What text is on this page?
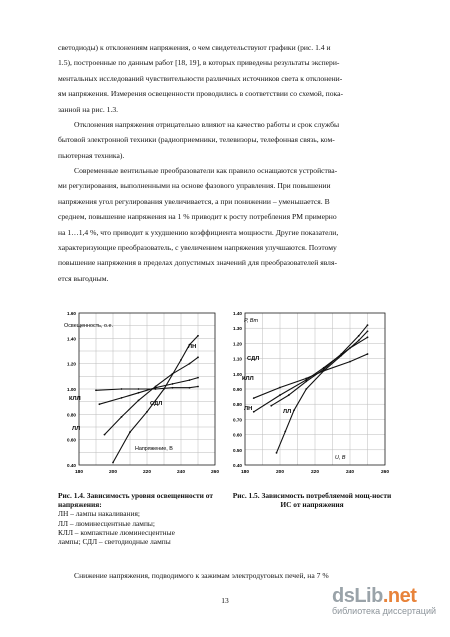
светодиоды) к отклонениям напряжения, о чем свидетельствуют графики (рис. 1.4 и
1.5), построенные по данным работ [18, 19], в которых приведены результаты экспери-
ментальных исследований чувствительности различных источников света к отклонени-
ям напряжения. Измерения освещенности проводились в соответствии со схемой, пока-
занной на рис. 1.3.
Отклонения напряжения отрицательно влияют на качество работы и срок службы
бытовой электронной техники (радиоприемники, телевизоры, телефонная связь, ком-
пьютерная техника).
Современные вентильные преобразователи как правило оснащаются устройства-
ми регулирования, выполненными на основе фазового управления. При повышении
напряжения угол регулирования увеличивается, а при понижении – уменьшается. В
среднем, повышение напряжения на 1 % приводит к росту потребления РМ примерно
на 1…1,4 %, что приводит к ухудшению коэффициента мощности. Другие показатели,
характеризующие преобразователь, с увеличением напряжения улучшаются. Поэтому
повышение напряжения в пределах допустимых значений для преобразователей явля-
ется выгодным.
0.40
0.60
0.80
1.00
1.20
1.40
1.60
180	200	220	240	260
Освещенность, о.е.
Напряжение, В
ЛН
ЛЛ
КЛЛ
СДЛ
0.40
0.50
0.60
0.70
0.80
0.90
1.00
1.10
1.20
1.30
1.40
180	200	220	240	260
P, Вт
U, В
СДЛ
КЛЛ
ЛН	ЛЛ
Рис. 1.4. Зависимость уровня освещенности от напряжения:
ЛН – лампы накаливания;
ЛЛ – люминесцентные лампы;
КЛЛ – компактные люминесцентные
лампы; СДЛ – светодиодные лампы
Рис. 1.5. Зависимость потребляемой мощ-ности ИС от напряжения
Снижение напряжения, подводимого к зажимам электродуговых печей, на 7 %
13	dsLib.net
библиотека диссертаций
